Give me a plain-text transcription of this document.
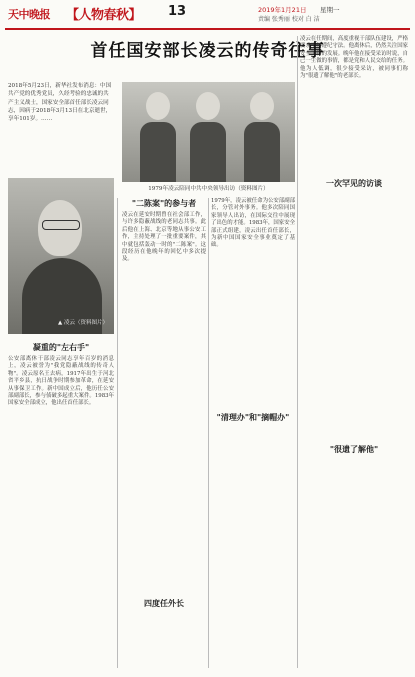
天中晚报 【人物春秋】 13	2019年1月21日 星期一
责编 张秀丽 校对 白 洁
首任国安部长凌云的传奇往事
2018年5月23日，新华社发布消息：中国共产党的优秀党员，久经考验的忠诚的共产主义战士，国家安全部首任部长凌云同志，因病于2018年3月13日在北京逝世，享年101岁。……
▲ 凌云（资料图片）
1979年凌云陪同中共中央领导出访（资料图片）
凝重的"左右手"
"二陈案"的参与者
四度任外长
"清理办"和"摘帽办"
一次罕见的访谈
"很遗了解他"
公安部离休干部凌云同志享年百岁的消息上，凌云被誉为"我党隐蔽战线的传奇人物"。凌云原名王去病，1917年出生于河北省平乡县，抗日战争时期参加革命，在延安从事保卫工作。新中国成立后，他历任公安部副部长，参与侦破多起重大案件。1983年国家安全部成立，他出任首任部长。
凌云在延安时期曾在社会部工作，与许多隐蔽战线的老同志共事。此后他在上海、北京等地从事公安工作，主持处理了一批重要案件，其中就包括轰动一时的"二陈案"。这段经历在他晚年的回忆中多次提及。
1979年，凌云被任命为公安部副部长，分管对外事务。他多次陪同国家领导人出访，在国际交往中展现了出色的才能。1983年，国家安全部正式组建，凌云出任首任部长，为新中国国家安全事业奠定了基础。
凌云在任期间，高度重视干部队伍建设，严格要求下属遵纪守法。他离休后，仍然关注国家安全工作的发展。晚年他在接受采访时说，自己一生做的事情，都是党和人民交给的任务。他为人低调，很少接受采访，被同事们称为"很遗了解他"的老部长。
